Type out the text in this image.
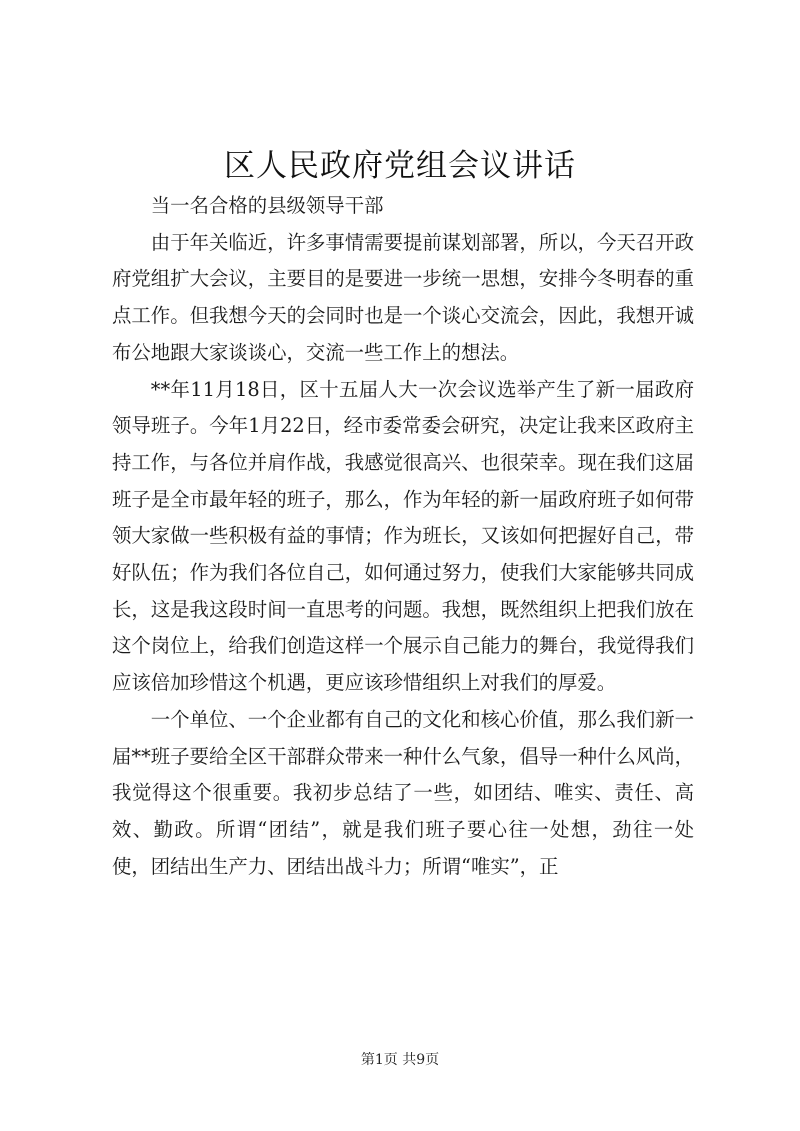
区人民政府党组会议讲话

当一名合格的县级领导干部

由于年关临近，许多事情需要提前谋划部署，所以，今天召开政府党组扩大会议，主要目的是要进一步统一思想，安排今冬明春的重点工作。但我想今天的会同时也是一个谈心交流会，因此，我想开诚布公地跟大家谈谈心，交流一些工作上的想法。

**年11月18日，区十五届人大一次会议选举产生了新一届政府领导班子。今年1月22日，经市委常委会研究，决定让我来区政府主持工作，与各位并肩作战，我感觉很高兴、也很荣幸。现在我们这届班子是全市最年轻的班子，那么，作为年轻的新一届政府班子如何带领大家做一些积极有益的事情；作为班长，又该如何把握好自己，带好队伍；作为我们各位自己，如何通过努力，使我们大家能够共同成长，这是我这段时间一直思考的问题。我想，既然组织上把我们放在这个岗位上，给我们创造这样一个展示自己能力的舞台，我觉得我们应该倍加珍惜这个机遇，更应该珍惜组织上对我们的厚爱。

一个单位、一个企业都有自己的文化和核心价值，那么我们新一届**班子要给全区干部群众带来一种什么气象，倡导一种什么风尚，我觉得这个很重要。我初步总结了一些，如团结、唯实、责任、高效、勤政。所谓“团结”，就是我们班子要心往一处想，劲往一处使，团结出生产力、团结出战斗力；所谓“唯实”，正

第1页 共9页
